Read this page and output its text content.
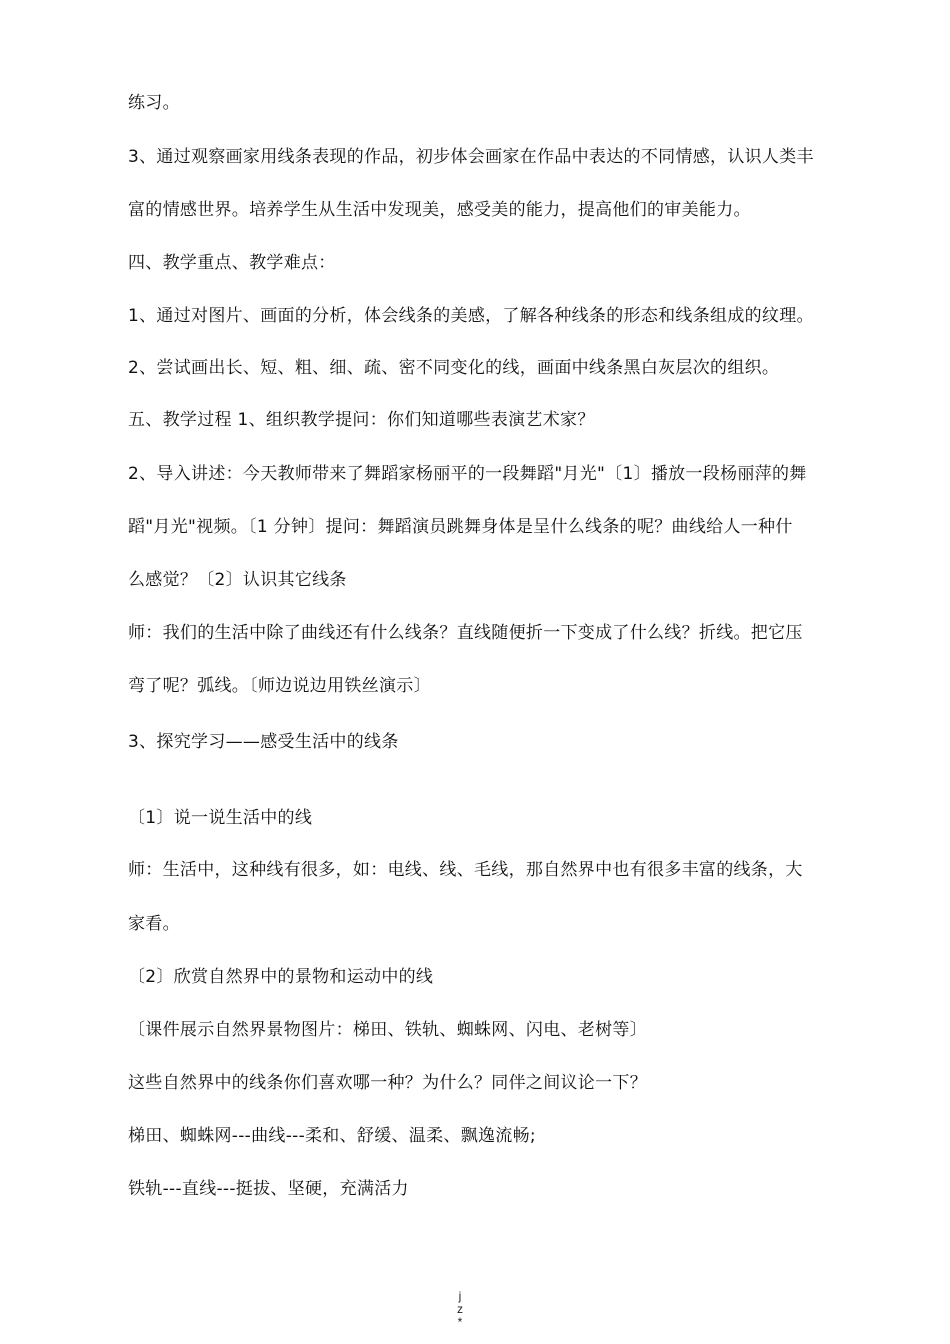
练习。
3、通过观察画家用线条表现的作品，初步体会画家在作品中表达的不同情感，认识人类丰
富的情感世界。培养学生从生活中发现美，感受美的能力，提高他们的审美能力。
四、教学重点、教学难点：
1、通过对图片、画面的分析，体会线条的美感，了解各种线条的形态和线条组成的纹理。
2、尝试画出长、短、粗、细、疏、密不同变化的线，画面中线条黑白灰层次的组织。
五、教学过程 1、组织教学提问：你们知道哪些表演艺术家？
2、导入讲述：今天教师带来了舞蹈家杨丽平的一段舞蹈"月光"〔1〕播放一段杨丽萍的舞
蹈"月光"视频。〔1 分钟〕提问：舞蹈演员跳舞身体是呈什么线条的呢？曲线给人一种什
么感觉？〔2〕认识其它线条
师：我们的生活中除了曲线还有什么线条？直线随便折一下变成了什么线？折线。把它压
弯了呢？弧线。〔师边说边用铁丝演示〕
3、探究学习——感受生活中的线条
〔1〕说一说生活中的线
师：生活中，这种线有很多，如：电线、线、毛线，那自然界中也有很多丰富的线条，大
家看。
〔2〕欣赏自然界中的景物和运动中的线
〔课件展示自然界景物图片：梯田、铁轨、蜘蛛网、闪电、老树等〕
这些自然界中的线条你们喜欢哪一种？为什么？同伴之间议论一下？
梯田、蜘蛛网---曲线---柔和、舒缓、温柔、飘逸流畅;
铁轨---直线---挺拔、坚硬，充满活力
j
z
*
